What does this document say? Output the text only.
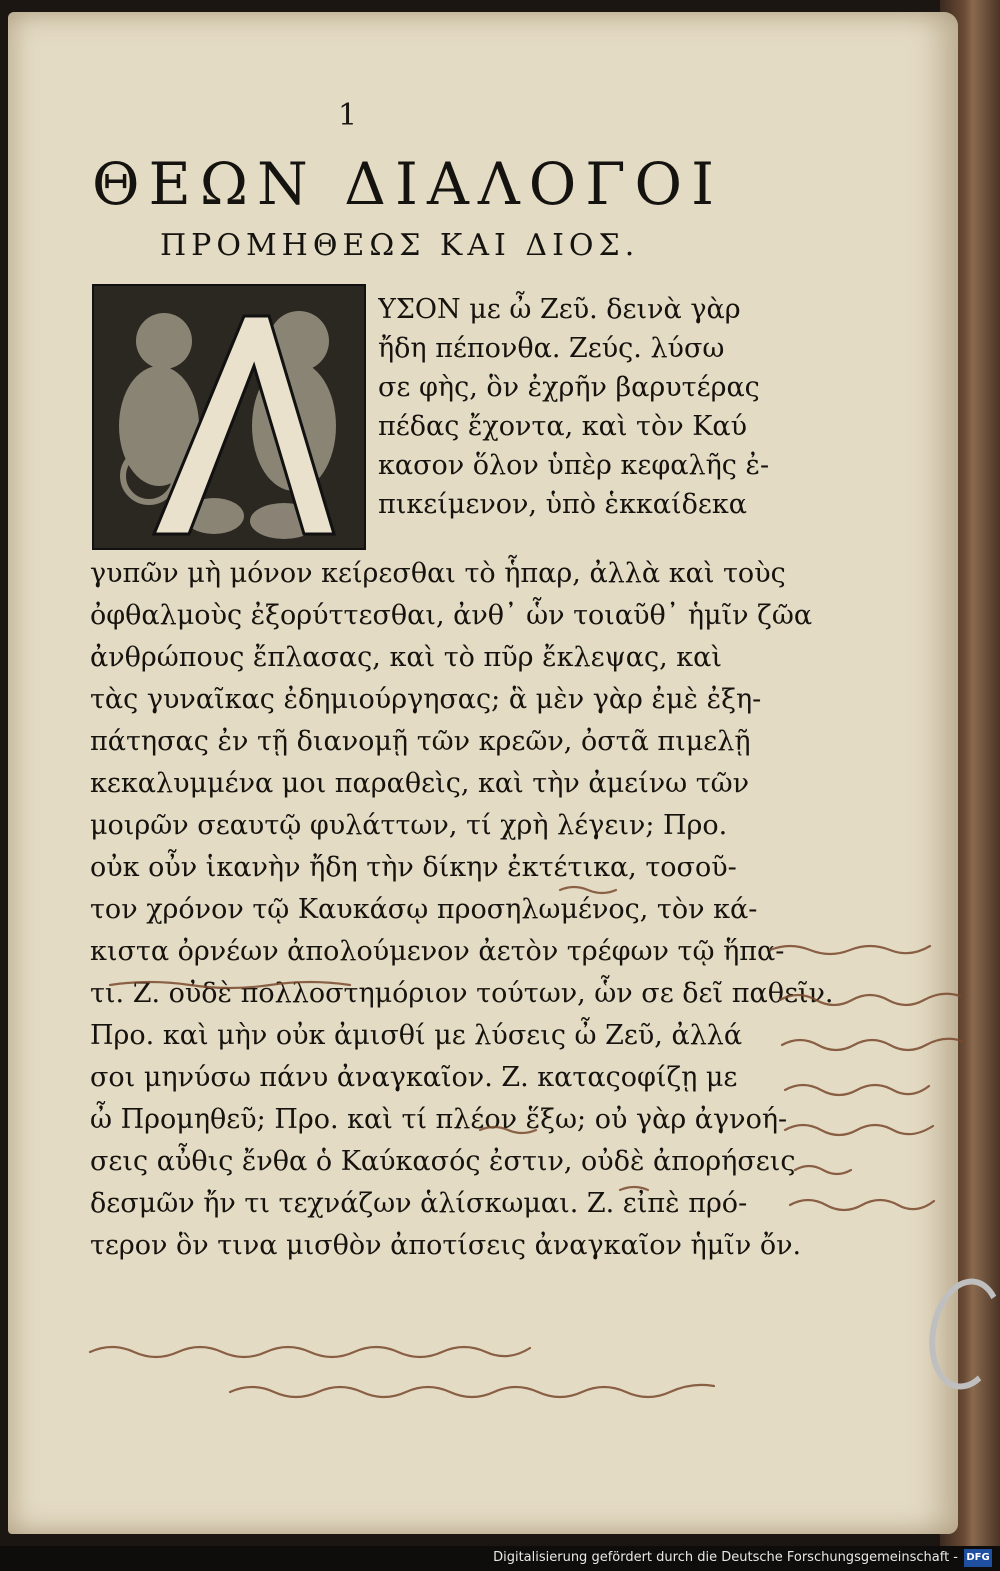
1
ΘΕΩΝ ΔΙΑΛΟΓΟΙ
ΠΡΟΜΗΘΕΩΣ ΚΑΙ ΔΙΟΣ.
ΥΣΟΝ με ὦ Ζεῦ. δεινὰ γὰρ
ἤδη πέπονθα. Ζεύς. λύσω
σε φὴς, ὃν ἐχρῆν βαρυτέρας
πέδας ἔχοντα, καὶ τὸν Καύ
κασον ὅλον ὑπὲρ κεφαλῆς ἐ-
πικείμενον, ὑπὸ ἑκκαίδεκα
γυπῶν μὴ μόνον κείρεσθαι τὸ ἧπαρ, ἀλλὰ καὶ τοὺς
ὀφθαλμοὺς ἐξορύττεσθαι, ἀνθ᾽ ὧν τοιαῦθ᾽ ἡμῖν ζῶα
ἀνθρώπους ἔπλασας, καὶ τὸ πῦρ ἔκλεψας, καὶ
τὰς γυναῖκας ἐδημιούργησας; ἃ μὲν γὰρ ἐμὲ ἐξη-
πάτησας ἐν τῇ διανομῇ τῶν κρεῶν, ὀστᾶ πιμελῇ
κεκαλυμμένα μοι παραθεὶς, καὶ τὴν ἀμείνω τῶν
μοιρῶν σεαυτῷ φυλάττων, τί χρὴ λέγειν; Προ.
οὐκ οὖν ἱκανὴν ἤδη τὴν δίκην ἐκτέτικα, τοσοῦ-
τον χρόνον τῷ Καυκάσῳ προσηλωμένος, τὸν κά-
κιστα ὀρνέων ἀπολούμενον ἀετὸν τρέφων τῷ ἥπα-
τι. Ζ. οὐδὲ πολλοστημόριον τούτων, ὧν σε δεῖ παθεῖν.
Προ. καὶ μὴν οὐκ ἀμισθί με λύσεις ὦ Ζεῦ, ἀλλά
σοι μηνύσω πάνυ ἀναγκαῖον. Ζ. καταςοφίζῃ με
ὦ Προμηθεῦ; Προ. καὶ τί πλέον ἕξω; οὐ γὰρ ἀγνοή-
σεις αὖθις ἔνθα ὁ Καύκασός ἐστιν, οὐδὲ ἀπορήσεις
δεσμῶν ἤν τι τεχνάζων ἁλίσκωμαι. Ζ. εἰπὲ πρό-
τερον ὃν τινα μισθὸν ἀποτίσεις ἀναγκαῖον ἡμῖν ὄν.
Digitalisierung gefördert durch die Deutsche Forschungsgemeinschaft - DFG
